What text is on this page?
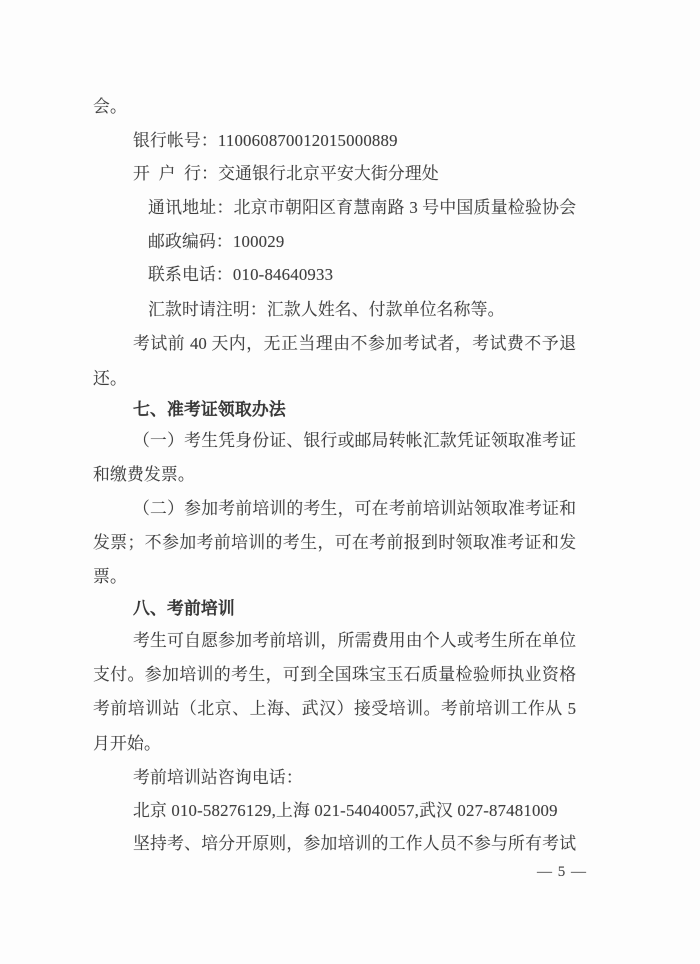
会。
银行帐号：110060870012015000889
开 户 行：交通银行北京平安大街分理处
通讯地址：北京市朝阳区育慧南路 3 号中国质量检验协会
邮政编码：100029
联系电话：010-84640933
汇款时请注明：汇款人姓名、付款单位名称等。
考试前 40 天内，无正当理由不参加考试者，考试费不予退
还。
七、准考证领取办法
（一）考生凭身份证、银行或邮局转帐汇款凭证领取准考证
和缴费发票。
（二）参加考前培训的考生，可在考前培训站领取准考证和
发票；不参加考前培训的考生，可在考前报到时领取准考证和发
票。
八、考前培训
考生可自愿参加考前培训，所需费用由个人或考生所在单位
支付。参加培训的考生，可到全国珠宝玉石质量检验师执业资格
考前培训站（北京、上海、武汉）接受培训。考前培训工作从 5
月开始。
考前培训站咨询电话：
北京 010-58276129,上海 021-54040057,武汉 027-87481009
坚持考、培分开原则，参加培训的工作人员不参与所有考试
— 5 —
